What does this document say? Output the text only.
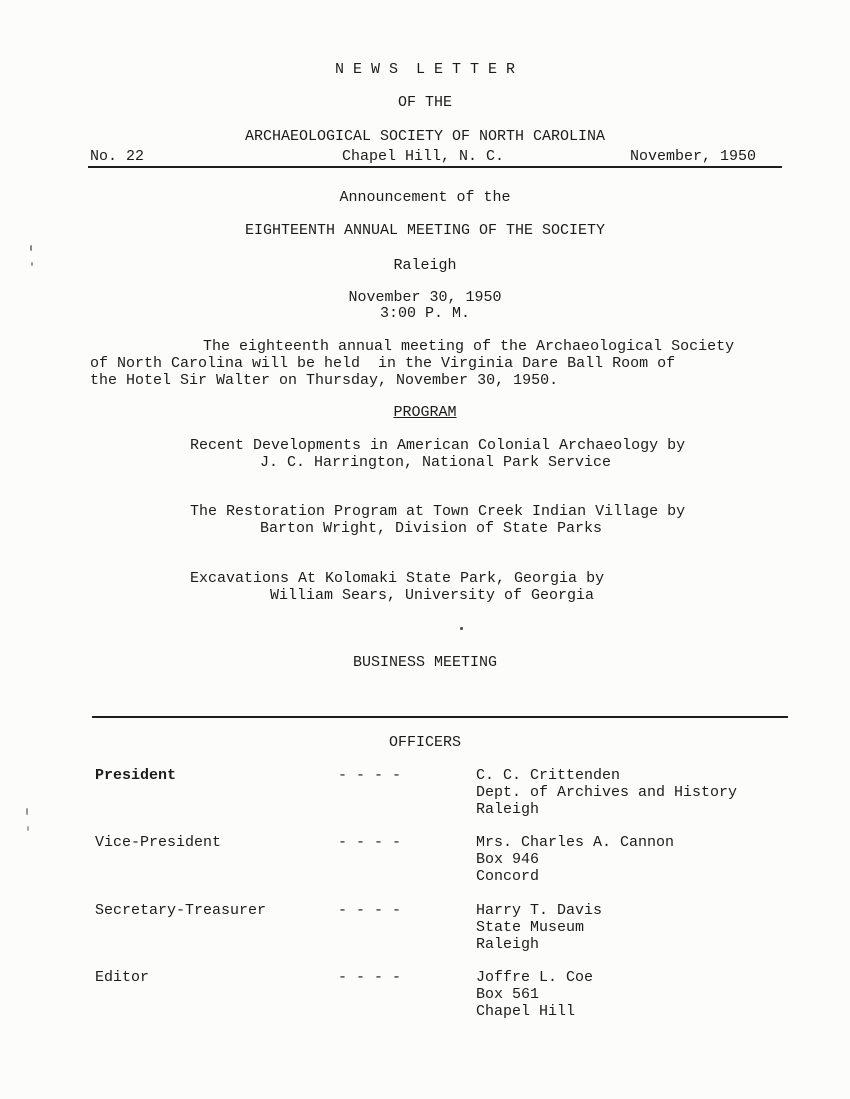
N E W S  L E T T E R
OF THE
ARCHAEOLOGICAL SOCIETY OF NORTH CAROLINA
No. 22	Chapel Hill, N. C.	November, 1950
Announcement of the
EIGHTEENTH ANNUAL MEETING OF THE SOCIETY
Raleigh
November 30, 1950
3:00 P. M.
The eighteenth annual meeting of the Archaeological Society
of North Carolina will be held  in the Virginia Dare Ball Room of
the Hotel Sir Walter on Thursday, November 30, 1950.
PROGRAM
Recent Developments in American Colonial Archaeology by
J. C. Harrington, National Park Service
The Restoration Program at Town Creek Indian Village by
Barton Wright, Division of State Parks
Excavations At Kolomaki State Park, Georgia by
William Sears, University of Georgia
BUSINESS MEETING
OFFICERS
President	- - - -	C. C. Crittenden
Dept. of Archives and History
Raleigh
Vice-President	- - - -	Mrs. Charles A. Cannon
Box 946
Concord
Secretary-Treasurer	- - - -	Harry T. Davis
State Museum
Raleigh
Editor	- - - -	Joffre L. Coe
Box 561
Chapel Hill
